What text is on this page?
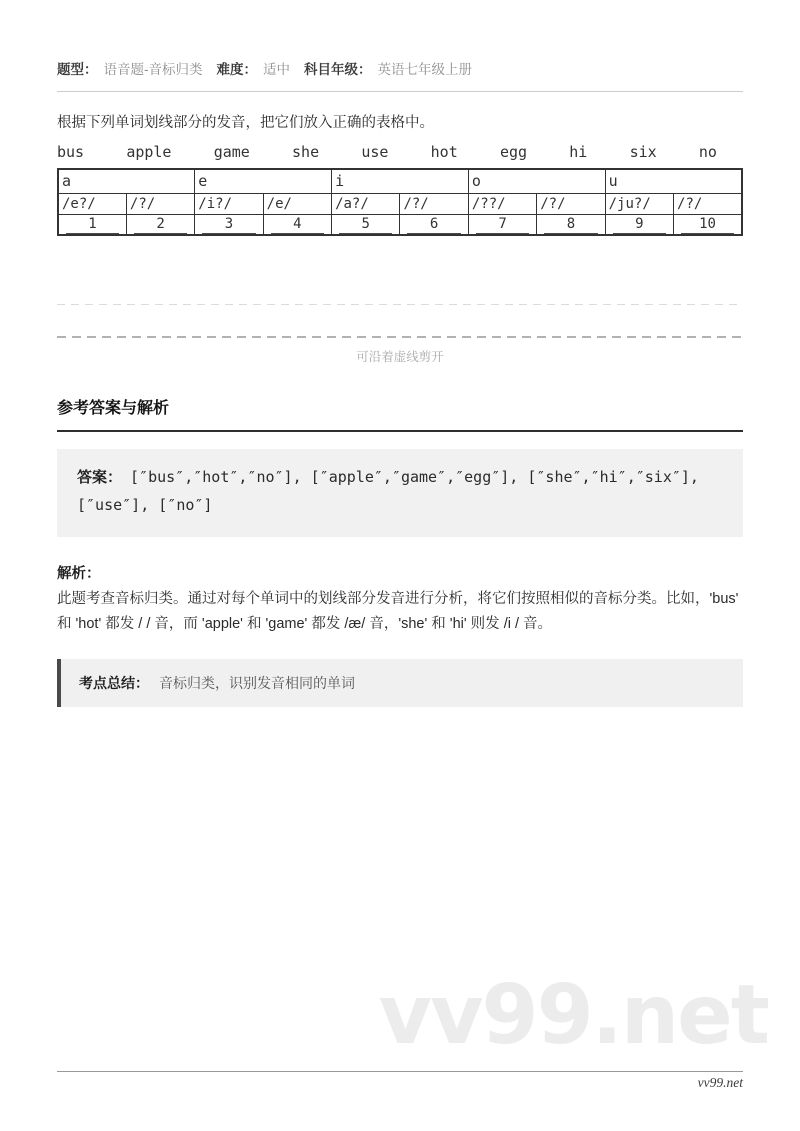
题型： 语音题-音标归类 难度： 适中 科目年级： 英语七年级上册
根据下列单词划线部分的发音，把它们放入正确的表格中。
bus	apple	game	she	use	hot	egg	hi	six	no
a		e		i		o		u	
/e?/	/?/	/i?/	/e/	/a?/	/?/	/??/	/?/	/ju?/	/?/

1	2	3	4	5	6	7	8	9	10
可沿着虚线剪开
参考答案与解析
答案： [″bus″,″hot″,″no″], [″apple″,″game″,″egg″], [″she″,″hi″,″six″], [″use″], [″no″]
解析：
此题考查音标归类。通过对每个单词中的划线部分发音进行分析，将它们按照相似的音标分类。比如，'bus' 和 'hot' 都发 / / 音，而 'apple' 和 'game' 都发 /æ/ 音，'she' 和 'hi' 则发 /i / 音。
考点总结： 音标归类，识别发音相同的单词
vv99.net
vv99.net
